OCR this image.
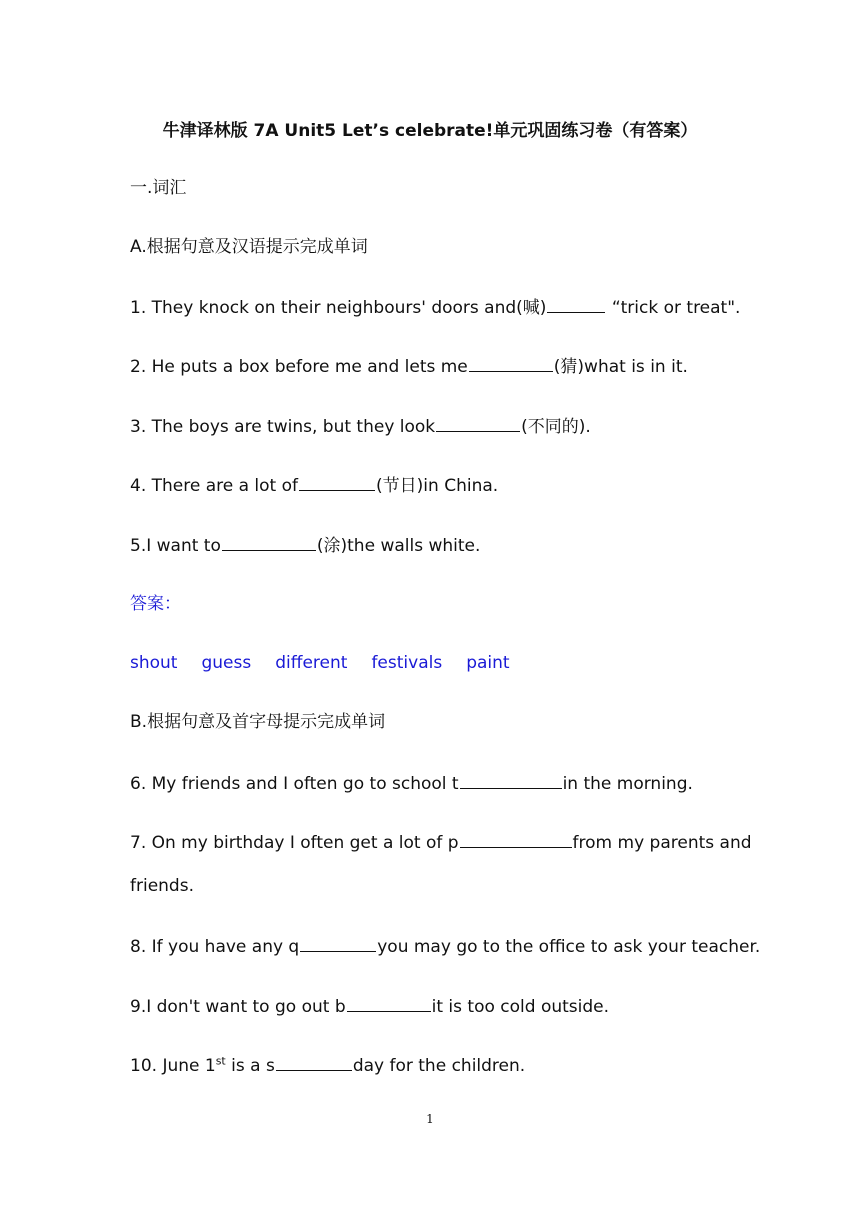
牛津译林版 7A Unit5 Let’s celebrate!单元巩固练习卷（有答案）
一.词汇
A.根据句意及汉语提示完成单词
1. They knock on their neighbours' doors and(喊)	“trick or treat".
2. He puts a box before me and lets me	(猜)what is in it.
3. The boys are twins, but they look	(不同的).
4. There are a lot of	(节日)in China.
5.I want to	(涂)the walls white.
答案：
shout guess different festivals paint
B.根据句意及首字母提示完成单词
6. My friends and I often go to school t	in the morning.
7. On my birthday I often get a lot of p	from my parents and
friends.
8. If you have any q	you may go to the office to ask your teacher.
9.I don't want to go out b	it is too cold outside.
10. June 1st is a s	day for the children.
1
